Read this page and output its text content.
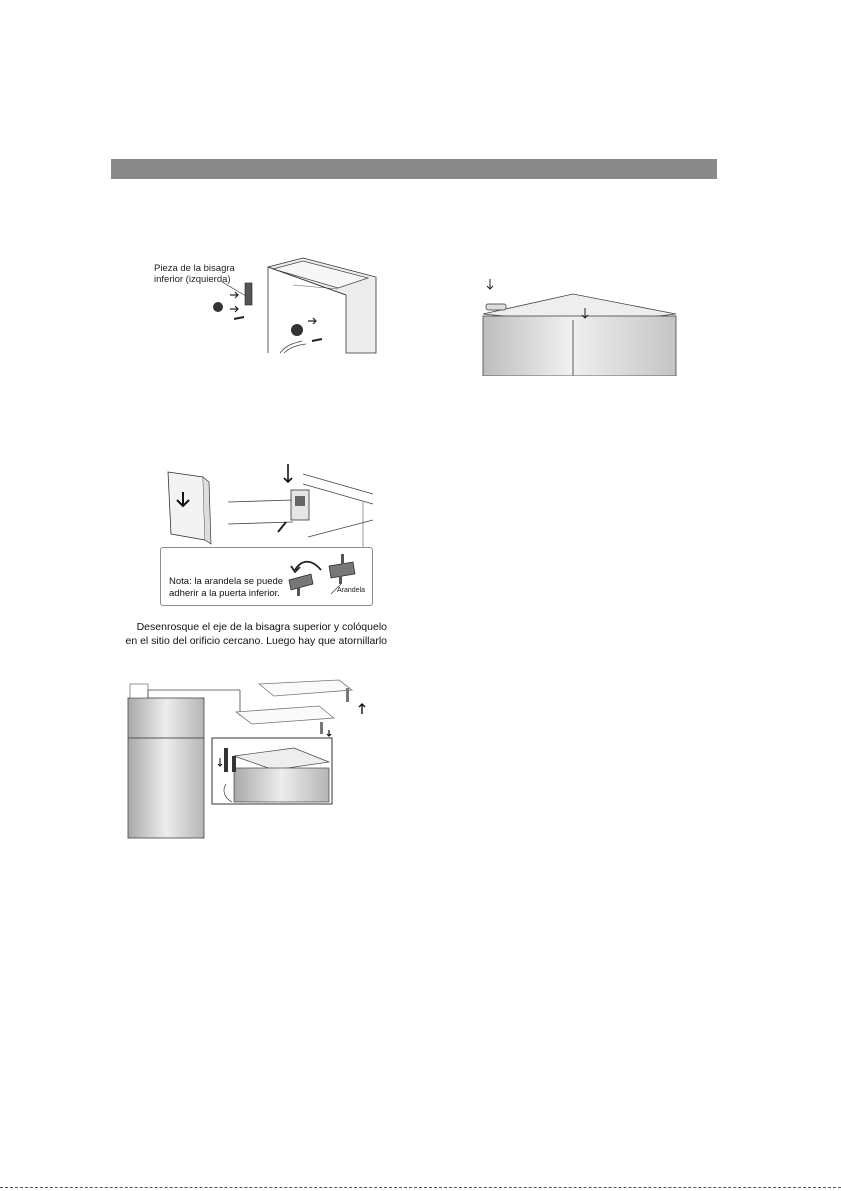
Pieza de la bisagra
inferior (izquierda)
Nota: la arandela se puede
adherir a la puerta inferior.	Arandela
Desenrosque el eje de la bisagra superior y colóquelo
en el sitio del orificio cercano. Luego hay que atornillarlo
